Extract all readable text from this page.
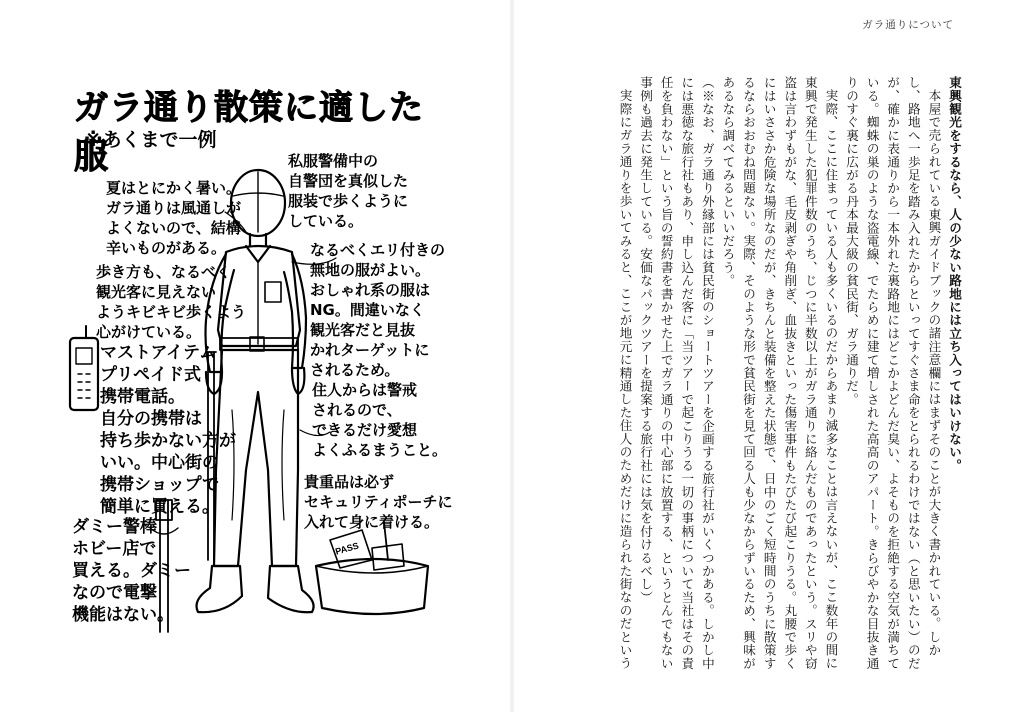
PASS
ガラ通り散策に適した服
※あくまで一例
私服警備中の
自警団を真似した
服装で歩くように
している。
夏はとにかく暑い。
ガラ通りは風通しが
よくないので、結構
辛いものがある。
歩き方も、なるべく
観光客に見えない
ようキビキビ歩くよう
心がけている。
なるべくエリ付きの
無地の服がよい。
おしゃれ系の服は
NG。間違いなく
観光客だと見抜
かれターゲットに
されるため。
マストアイテム
プリペイド式
携帯電話。
自分の携帯は
持ち歩かない方が
いい。中心街の
携帯ショップで
簡単に買える。
住人からは警戒
されるので、
できるだけ愛想
よくふるまうこと。
貴重品は必ず
セキュリティポーチに
入れて身に着ける。
ダミー警棒
ホビー店で
買える。ダミー
なので電撃
機能はない。
ガラ通りについて

東興観光をするなら、人の少ない路地には立ち入ってはいけない。

本屋で売られている東興ガイドブックの諸注意欄にはまずそのことが大きく書かれている。しかし、路地へ一歩足を踏み入れたからといってすぐさま命をとられるわけではない（と思いたい）のだが、確かに表通りから一本外れた裏路地にはどこかよどんだ臭い、よそものを拒絶する空気が満ちている。蜘蛛の巣のような盗電線、でたらめに建て増しされた高高のアパート。きらびやかな目抜き通りのすぐ裏に広がる丹本最大級の貧民街、ガラ通りだ。

実際、ここに住まっている人も多くいるのだからあまり滅多なことは言えないが、ここ数年の間に東興で発生した犯罪件数のうち、じつに半数以上がガラ通りに絡んだものであったという。スリや窃盗は言わずもがな、毛皮剥ぎや角削ぎ、血抜きといった傷害事件もたびたび起こりうる。丸腰で歩くにはいささか危険な場所なのだが、きちんと装備を整えた状態で、日中のごく短時間のうちに散策するならおおむね問題ない。実際、そのような形で貧民街を見て回る人も少なからずいるため、興味があるなら調べてみるといいだろう。

（※なお、ガラ通り外縁部には貧民街のショートツアーを企画する旅行社がいくつかある。しかし中には悪徳な旅行社もあり、申し込んだ客に「当ツアーで起こりうる一切の事柄について当社はその責任を負わない」という旨の誓約書を書かせた上でガラ通りの中心部に放置する、というとんでもない事例も過去に発生している。安価なパックツアーを提案する旅行社には気を付けるべし）

実際にガラ通りを歩いてみると、ここが地元に精通した住人のためだけに造られた街なのだという
